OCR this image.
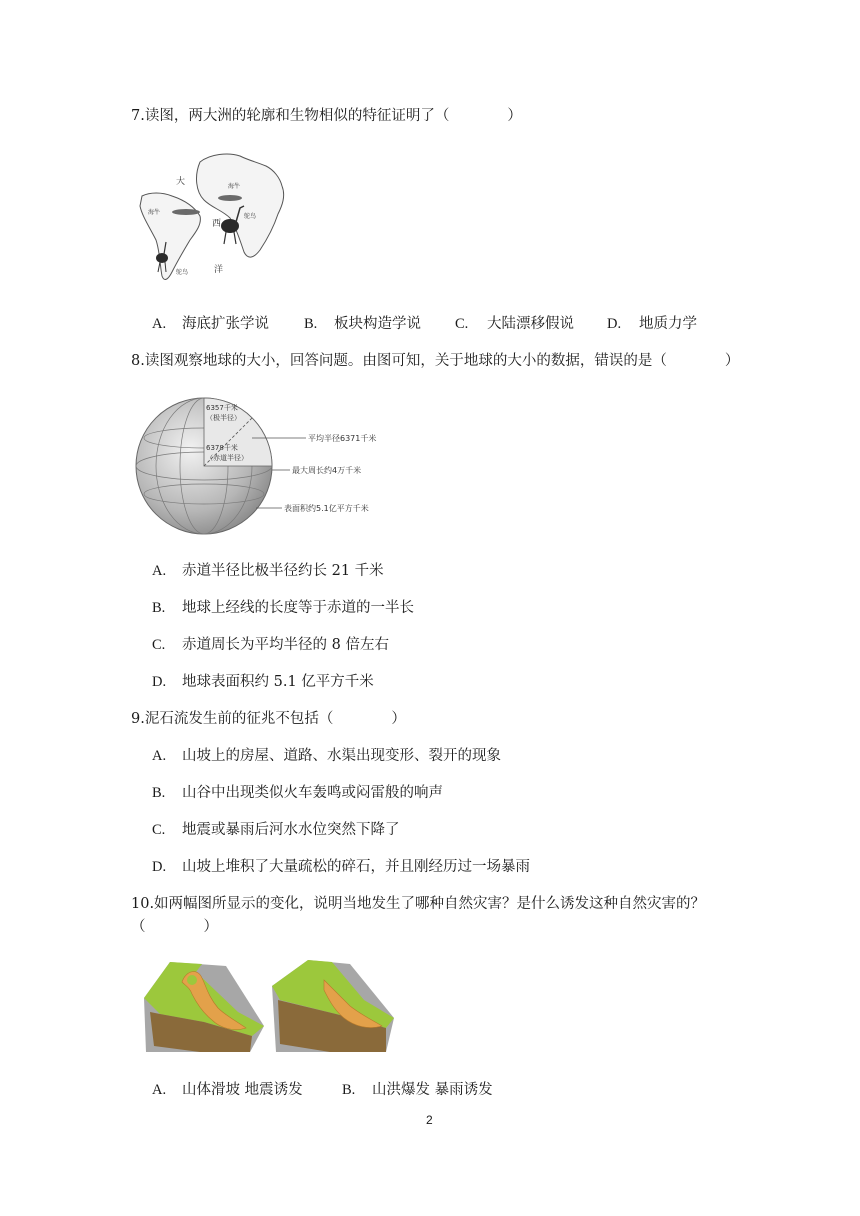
7.读图，两大洲的轮廓和生物相似的特征证明了（　　　　）
大
西
洋
海牛
海牛
鸵鸟
鸵鸟
A. 海底扩张学说 B. 板块构造学说 C. 大陆漂移假说 D. 地质力学
8.读图观察地球的大小，回答问题。由图可知，关于地球的大小的数据，错误的是（　　　　）
6357千米
（极半径）
6378千米
（赤道半径）
平均半径6371千米
最大周长约4万千米
表面积约5.1亿平方千米
A. 赤道半径比极半径约长 21 千米
B. 地球上经线的长度等于赤道的一半长
C. 赤道周长为平均半径的 8 倍左右
D. 地球表面积约 5.1 亿平方千米
9.泥石流发生前的征兆不包括（　　　　）
A. 山坡上的房屋、道路、水渠出现变形、裂开的现象
B. 山谷中出现类似火车轰鸣或闷雷般的响声
C. 地震或暴雨后河水水位突然下降了
D. 山坡上堆积了大量疏松的碎石，并且刚经历过一场暴雨
10.如两幅图所显示的变化，说明当地发生了哪种自然灾害？是什么诱发这种自然灾害的？
（　　　　）
A. 山体滑坡 地震诱发	B. 山洪爆发 暴雨诱发
2
